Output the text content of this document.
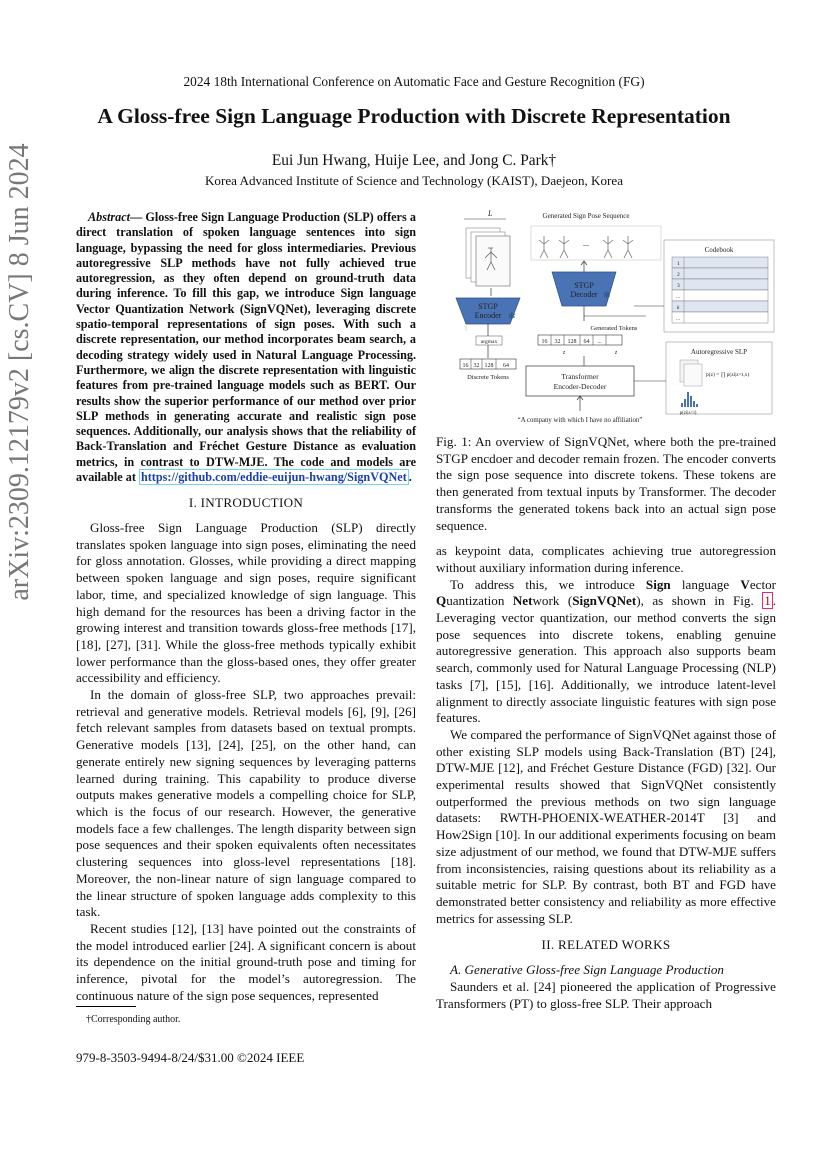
2024 18th International Conference on Automatic Face and Gesture Recognition (FG)
A Gloss-free Sign Language Production with Discrete Representation
Eui Jun Hwang, Huije Lee, and Jong C. Park†
Korea Advanced Institute of Science and Technology (KAIST), Daejeon, Korea
arXiv:2309.12179v2 [cs.CV] 8 Jun 2024	Abstract— Gloss-free Sign Language Production (SLP) offers a direct translation of spoken language sentences into sign language, bypassing the need for gloss intermediaries. Previous autoregressive SLP methods have not fully achieved true autoregression, as they often depend on ground-truth data during inference. To fill this gap, we introduce Sign language Vector Quantization Network (SignVQNet), leveraging discrete spatio-temporal representations of sign poses. With such a discrete representation, our method incorporates beam search, a decoding strategy widely used in Natural Language Processing. Furthermore, we align the discrete representation with linguistic features from pre-trained language models such as BERT. Our results show the superior performance of our method over prior SLP methods in generating accurate and realistic sign pose sequences. Additionally, our analysis shows that the reliability of Back-Translation and Fréchet Gesture Distance as evaluation metrics, in contrast to DTW-MJE. The code and models are available at https://github.com/eddie-euijun-hwang/SignVQNet .

I. INTRODUCTION

Gloss-free Sign Language Production (SLP) directly translates spoken language into sign poses, eliminating the need for gloss annotation. Glosses, while providing a direct mapping between spoken language and sign poses, require significant labor, time, and specialized knowledge of sign language. This high demand for the resources has been a driving factor in the growing interest and transition towards gloss-free methods [17], [18], [27], [31]. While the gloss-free methods typically exhibit lower performance than the gloss-based ones, they offer greater accessibility and efficiency.

In the domain of gloss-free SLP, two approaches prevail: retrieval and generative models. Retrieval models [6], [9], [26] fetch relevant samples from datasets based on textual prompts. Generative models [13], [24], [25], on the other hand, can generate entirely new signing sequences by leveraging patterns learned during training. This capability to produce diverse outputs makes generative models a compelling choice for SLP, which is the focus of our research. However, the generative models face a few challenges. The length disparity between sign pose sequences and their spoken equivalents often necessitates clustering sequences into gloss-level representations [18]. Moreover, the non-linear nature of sign language compared to the linear structure of spoken language adds complexity to this task.

Recent studies [12], [13] have pointed out the constraints of the model introduced earlier [24]. A significant concern is about its dependence on the initial ground-truth pose and timing for inference, pivotal for the model’s autoregression. The continuous nature of the sign pose sequences, represented

L
STGP
Encoder ✻
argmax
16 32 128 64
Discrete Tokens
Generated Sign Pose Sequence
...
STGP
Decoder ✻
Generated Tokens
16 32 128 64 ...
z	z
Transformer
Encoder-Decoder
“A company with which I have no affiliation”
Codebook
1
2
3
...
k
...
Autoregressive SLP
p(z) = ∏ p(zi|z<i,x)
p(zi|z<i)

Fig. 1: An overview of SignVQNet, where both the pre-trained STGP encdoer and decoder remain frozen. The encoder converts the sign pose sequence into discrete tokens. These tokens are then generated from textual inputs by Transformer. The decoder transforms the generated tokens back into an actual sign pose sequence.

as keypoint data, complicates achieving true autoregression without auxiliary information during inference.

To address this, we introduce Sign language Vector Quantization Network (SignVQNet), as shown in Fig. 1 . Leveraging vector quantization, our method converts the sign pose sequences into discrete tokens, enabling genuine autoregressive generation. This approach also supports beam search, commonly used for Natural Language Processing (NLP) tasks [7], [15], [16]. Additionally, we introduce latent-level alignment to directly associate linguistic features with sign pose features.

We compared the performance of SignVQNet against those of other existing SLP models using Back-Translation (BT) [24], DTW-MJE [12], and Fréchet Gesture Distance (FGD) [32]. Our experimental results showed that SignVQNet consistently outperformed the previous methods on two sign language datasets: RWTH-PHOENIX-WEATHER-2014T [3] and How2Sign [10]. In our additional experiments focusing on beam size adjustment of our method, we found that DTW-MJE suffers from inconsistencies, raising questions about its reliability as a suitable metric for SLP. By contrast, both BT and FGD have demonstrated better consistency and reliability as more effective metrics for assessing SLP.

II. RELATED WORKS

A. Generative Gloss-free Sign Language Production

Saunders et al. [24] pioneered the application of Progressive Transformers (PT) to gloss-free SLP. Their approach

†Corresponding author.
979-8-3503-9494-8/24/$31.00 ©2024 IEEE
